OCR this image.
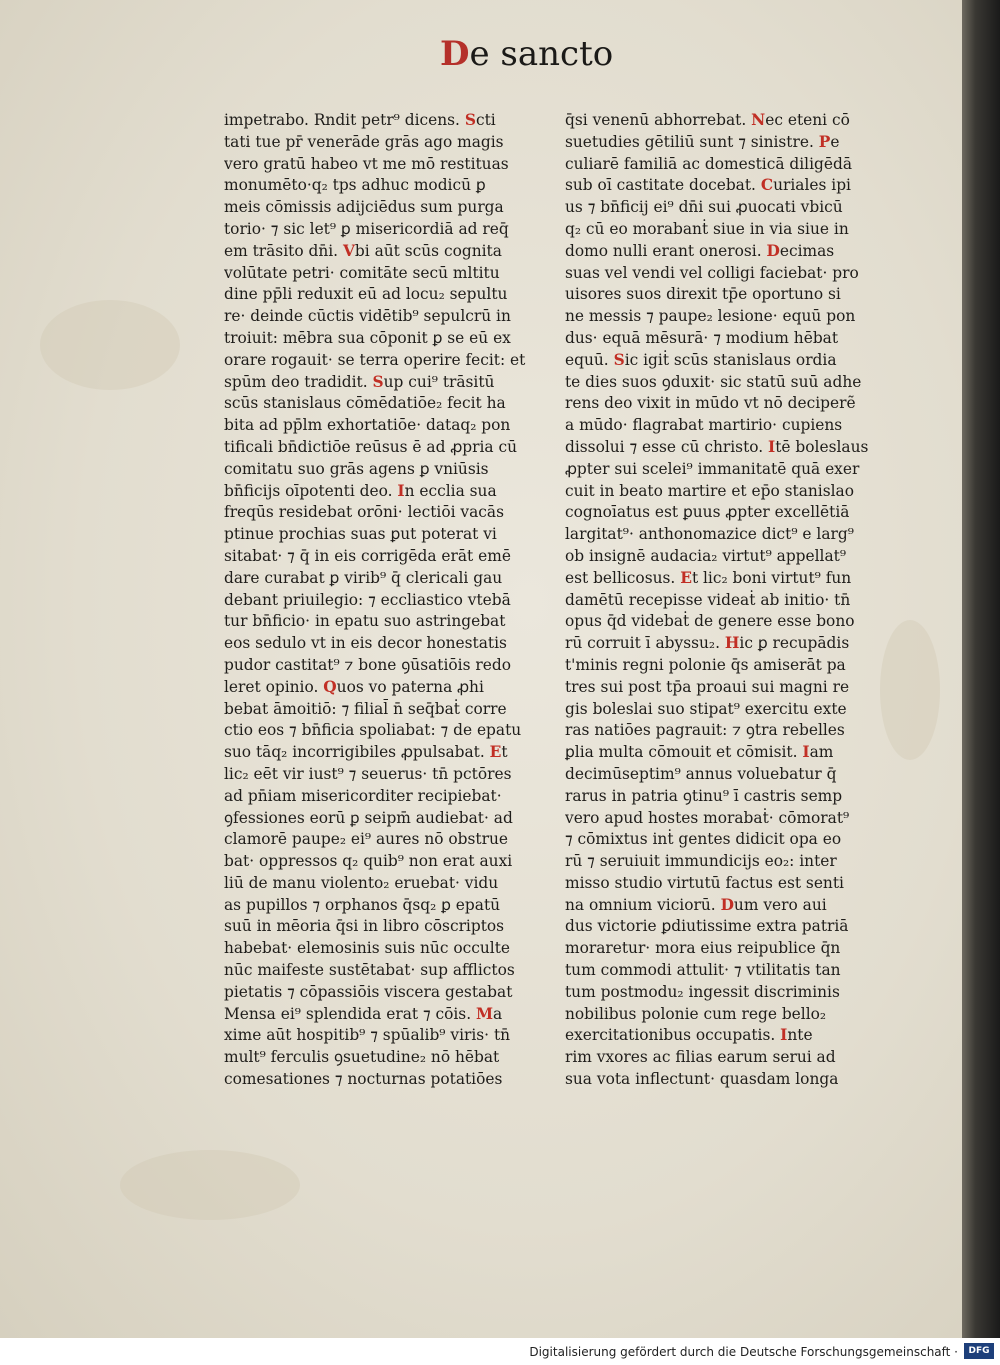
De sancto
impetrabo. Rndit petr⁹ dicens. Scti
tati tue pr̄ venerāde grās ago magis
vero gratū habeo vt me mō restituas
monumēto·q₂ tps adhuc modicū ꝑ
meis cōmissis adijciēdus sum purga
torio· ⁊ sic let⁹ ꝑ misericordiā ad req̄
em trāsito dn̄i. Vbi aūt scūs cognita
volūtate petri· comitāte secū mltitu
dine pp̄li reduxit eū ad locu₂ sepultu
re· deinde cūctis vidētib⁹ sepulcrū in
troiuit: mēbra sua cōponit ꝑ se eū ex
orare rogauit· se terra operire fecit: et
spūm deo tradidit. Sup cui⁹ trāsitū
scūs stanislaus cōmēdatiōe₂ fecit ha
bita ad pp̄lm exhortatiōe· dataq₂ pon
tificali bn̄dictiōe reūsus ē ad ꝓpria cū
comitatu suo grās agens ꝑ vniūsis
bn̄ficijs oīpotenti deo. In ecclia sua
freqūs residebat orōni· lectiōi vacās
ptinue prochias suas ꝑut poterat vi
sitabat· ⁊ q̄ in eis corrigēda erāt emē
dare curabat ꝑ virib⁹ q̄ clericali gau
debant priuilegio: ⁊ eccliastico vtebā
tur bn̄ficio· in epatu suo astringebat
eos sedulo vt in eis decor honestatis
pudor castitat⁹ ⁊ bone ꝯūsatiōis redo
leret opinio. Quos vo paterna ꝓhi
bebat āmoitiō: ⁊ filial̄ n̄ seq̄baṫ corre
ctio eos ⁊ bn̄ficia spoliabat: ⁊ de epatu
suo tāq₂ incorrigibiles ꝓpulsabat. Et
lic₂ eēt vir iust⁹ ⁊ seuerus· tn̄ pctōres
ad pn̄iam misericorditer recipiebat·
ꝯfessiones eorū ꝑ seipm̄ audiebat· ad
clamorē paupe₂ ei⁹ aures nō obstrue
bat· oppressos q₂ quib⁹ non erat auxi
liū de manu violento₂ eruebat· vidu
as pupillos ⁊ orphanos q̄sq₂ ꝑ epatū
suū in mēoria q̄si in libro cōscriptos
habebat· elemosinis suis nūc occulte
nūc maifeste sustētabat· sup afflictos
pietatis ⁊ cōpassiōis viscera gestabat
Mensa ei⁹ splendida erat ⁊ cōis. Ma
xime aūt hospitib⁹ ⁊ spūalib⁹ viris· tn̄
mult⁹ ferculis ꝯsuetudine₂ nō hēbat
comesationes ⁊ nocturnas potatiōes
q̄si venenū abhorrebat. Nec eteni cō
suetudies gētiliū sunt ⁊ sinistre. Pe
culiarē familiā ac domesticā diligēdā
sub oī castitate docebat. Curiales ipi
us ⁊ bn̄ficij ei⁹ dn̄i sui ꝓuocati vbicū
q₂ cū eo morabanṫ siue in via siue in
domo nulli erant onerosi. Decimas
suas vel vendi vel colligi faciebat· pro
uisores suos direxit tp̄e oportuno si
ne messis ⁊ paupe₂ lesione· equū pon
dus· equā mēsurā· ⁊ modium hēbat
equū. Sic igiṫ scūs stanislaus ordia
te dies suos ꝯduxit· sic statū suū adhe
rens deo vixit in mūdo vt nō deciperẽ
a mūdo· flagrabat martirio· cupiens
dissolui ⁊ esse cū christo. Itē boleslaus
ꝓpter sui scelei⁹ immanitatē quā exer
cuit in beato martire et ep̄o stanislao
cognoīatus est ꝑuus ꝓpter excellētiā
largitat⁹· anthonomazice dict⁹ e larg⁹
ob insignē audacia₂ virtut⁹ appellat⁹
est bellicosus. Et lic₂ boni virtut⁹ fun
damētū recepisse videaṫ ab initio· tn̄
opus q̄d videbaṫ de genere esse bono
rū corruit ī abyssu₂. Hic ꝑ recupādis
t'minis regni polonie q̄s amiserāt pa
tres sui post tp̄a proaui sui magni re
gis boleslai suo stipat⁹ exercitu exte
ras natiōes pagrauit: ⁊ ꝯtra rebelles
ꝑlia multa cōmouit et cōmisit. Iam
decimūseptim⁹ annus voluebatur q̄
rarus in patria ꝯtinu⁹ ī castris semp
vero apud hostes morabaṫ· cōmorat⁹
⁊ cōmixtus inṫ gentes didicit opa eo
rū ⁊ seruiuit immundicijs eo₂: inter
misso studio virtutū factus est senti
na omnium viciorū. Dum vero aui
dus victorie ꝑdiutissime extra patriā
moraretur· mora eius reipublice q̄n
tum commodi attulit· ⁊ vtilitatis tan
tum postmodu₂ ingessit discriminis
nobilibus polonie cum rege bello₂
exercitationibus occupatis. Inte
rim vxores ac filias earum serui ad
sua vota inflectunt· quasdam longa
Digitalisierung gefördert durch die Deutsche Forschungsgemeinschaft ·	DFG
